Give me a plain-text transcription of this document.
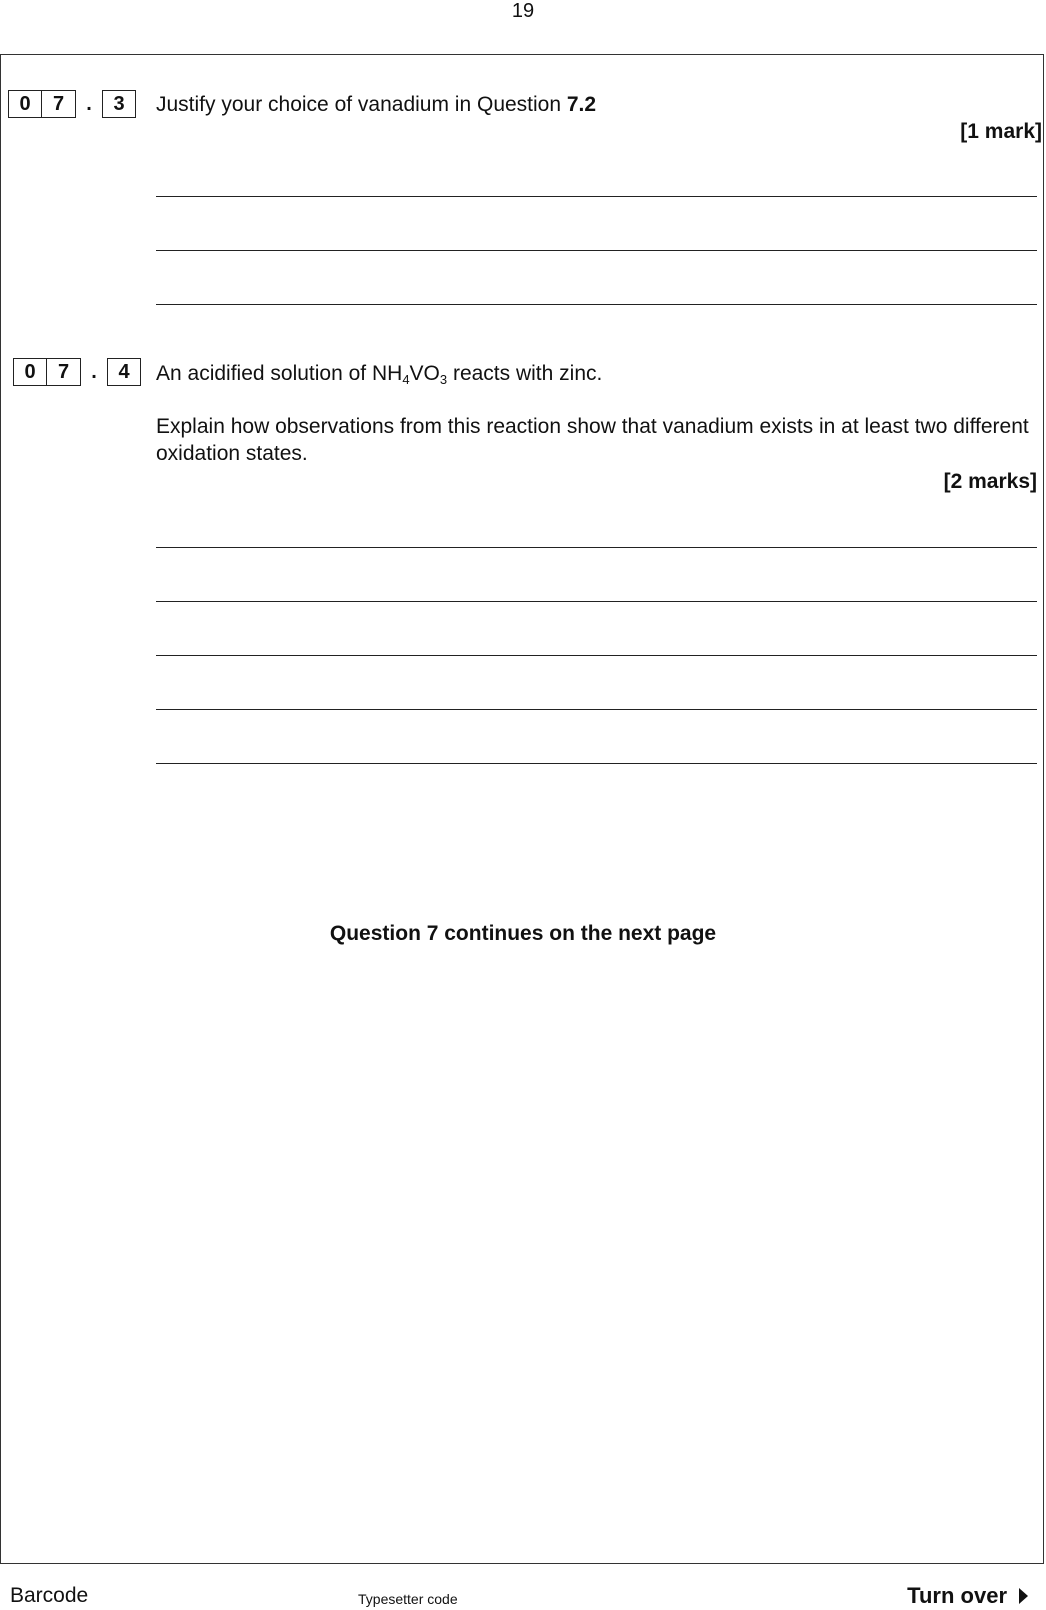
19
0	7	.	3	Justify your choice of vanadium in Question 7.2
[1 mark]
0	7	.	4	An acidified solution of $NH_4VO_3$ reacts with zinc.
Explain how observations from this reaction show that vanadium exists in at least two different oxidation states.
[2 marks]
Question 7 continues on the next page
Barcode	Typesetter code	Turn over
